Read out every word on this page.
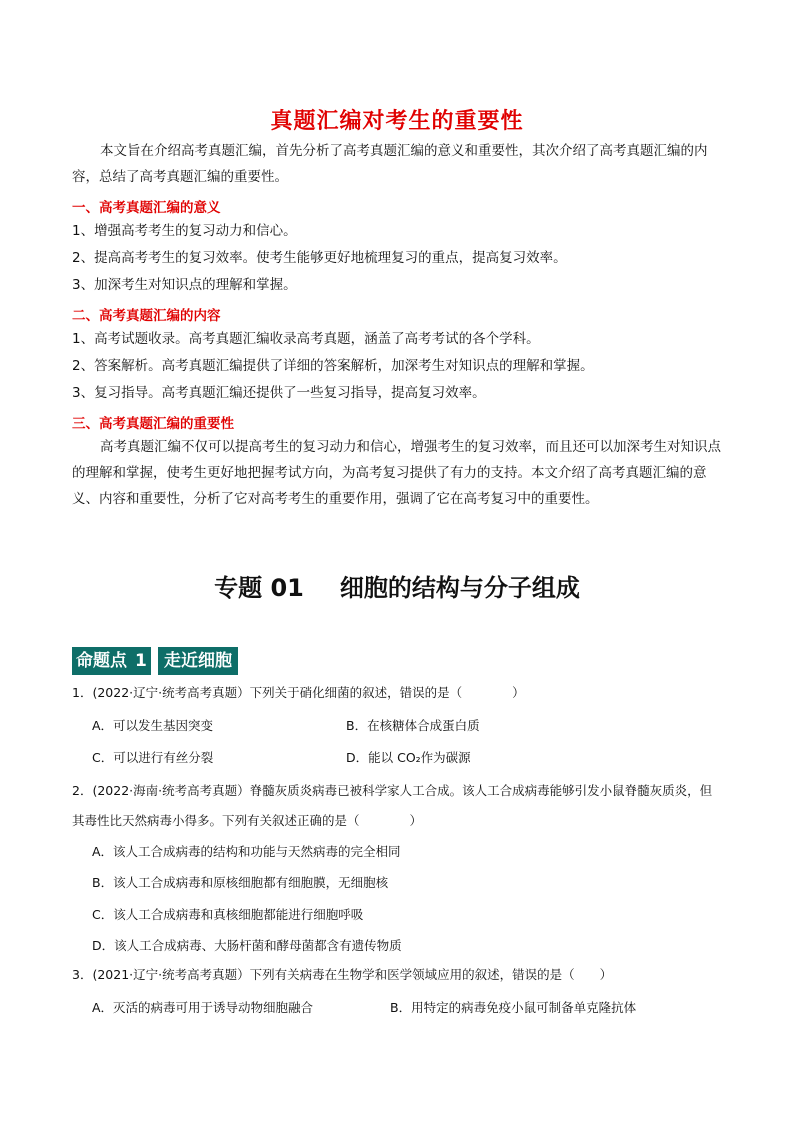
真题汇编对考生的重要性
本文旨在介绍高考真题汇编，首先分析了高考真题汇编的意义和重要性，其次介绍了高考真题汇编的内容，总结了高考真题汇编的重要性。
一、高考真题汇编的意义
1、增强高考考生的复习动力和信心。
2、提高高考考生的复习效率。使考生能够更好地梳理复习的重点，提高复习效率。
3、加深考生对知识点的理解和掌握。
二、高考真题汇编的内容
1、高考试题收录。高考真题汇编收录高考真题，涵盖了高考考试的各个学科。
2、答案解析。高考真题汇编提供了详细的答案解析，加深考生对知识点的理解和掌握。
3、复习指导。高考真题汇编还提供了一些复习指导，提高复习效率。
三、高考真题汇编的重要性
高考真题汇编不仅可以提高考生的复习动力和信心，增强考生的复习效率，而且还可以加深考生对知识点的理解和掌握，使考生更好地把握考试方向，为高考复习提供了有力的支持。本文介绍了高考真题汇编的意义、内容和重要性，分析了它对高考考生的重要作用，强调了它在高考复习中的重要性。
专题 01 细胞的结构与分子组成
命题点 1	走近细胞
1．(2022·辽宁·统考高考真题）下列关于硝化细菌的叙述，错误的是（　　　　）
A．可以发生基因突变	B．在核糖体合成蛋白质
C．可以进行有丝分裂	D．能以 CO₂作为碳源
2．(2022·海南·统考高考真题）脊髓灰质炎病毒已被科学家人工合成。该人工合成病毒能够引发小鼠脊髓灰质炎，但其毒性比天然病毒小得多。下列有关叙述正确的是（　　　　）
A．该人工合成病毒的结构和功能与天然病毒的完全相同
B．该人工合成病毒和原核细胞都有细胞膜，无细胞核
C．该人工合成病毒和真核细胞都能进行细胞呼吸
D．该人工合成病毒、大肠杆菌和酵母菌都含有遗传物质
3．(2021·辽宁·统考高考真题）下列有关病毒在生物学和医学领域应用的叙述，错误的是（　　）
A．灭活的病毒可用于诱导动物细胞融合	B．用特定的病毒免疫小鼠可制备单克隆抗体
